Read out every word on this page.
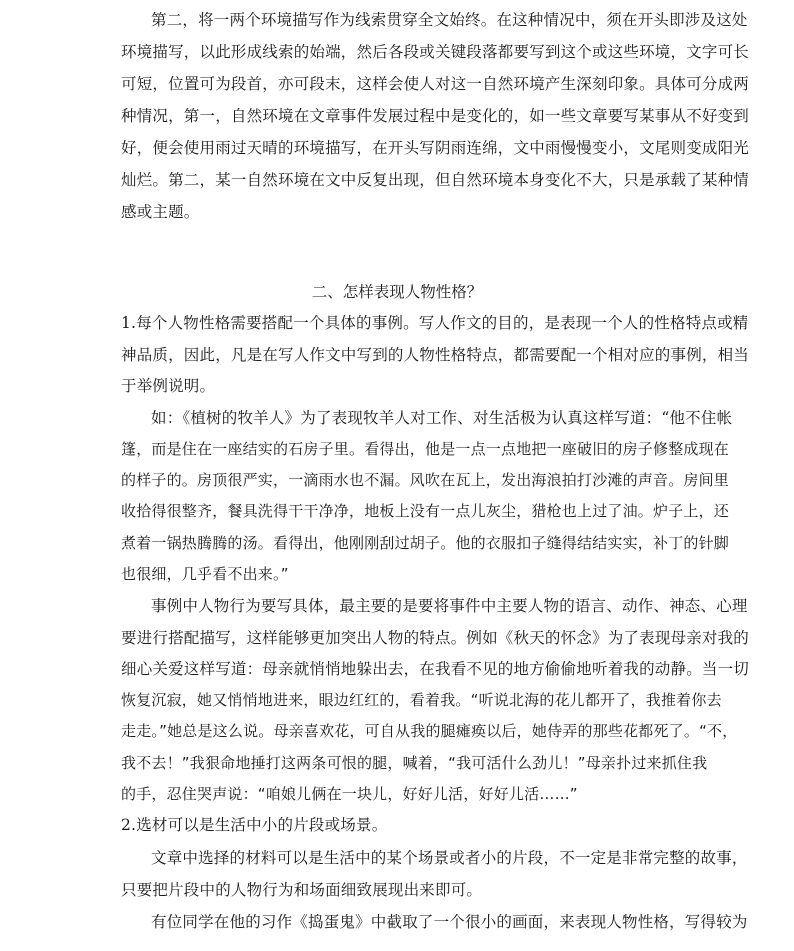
第二，将一两个环境描写作为线索贯穿全文始终。在这种情况中，须在开头即涉及这处
环境描写，以此形成线索的始端，然后各段或关键段落都要写到这个或这些环境，文字可长
可短，位置可为段首，亦可段末，这样会使人对这一自然环境产生深刻印象。具体可分成两
种情况，第一，自然环境在文章事件发展过程中是变化的，如一些文章要写某事从不好变到
好，便会使用雨过天晴的环境描写，在开头写阴雨连绵，文中雨慢慢变小，文尾则变成阳光
灿烂。第二，某一自然环境在文中反复出现，但自然环境本身变化不大，只是承载了某种情
感或主题。
二、怎样表现人物性格？
1.每个人物性格需要搭配一个具体的事例。写人作文的目的，是表现一个人的性格特点或精
神品质，因此，凡是在写人作文中写到的人物性格特点，都需要配一个相对应的事例，相当
于举例说明。
如：《植树的牧羊人》为了表现牧羊人对工作、对生活极为认真这样写道：“他不住帐
篷，而是住在一座结实的石房子里。看得出，他是一点一点地把一座破旧的房子修整成现在
的样子的。房顶很严实，一滴雨水也不漏。风吹在瓦上，发出海浪拍打沙滩的声音。房间里
收拾得很整齐，餐具洗得干干净净，地板上没有一点儿灰尘，猎枪也上过了油。炉子上，还
煮着一锅热腾腾的汤。看得出，他刚刚刮过胡子。他的衣服扣子缝得结结实实，补丁的针脚
也很细，几乎看不出来。”
事例中人物行为要写具体，最主要的是要将事件中主要人物的语言、动作、神态、心理
要进行搭配描写，这样能够更加突出人物的特点。例如《秋天的怀念》为了表现母亲对我的
细心关爱这样写道：母亲就悄悄地躲出去，在我看不见的地方偷偷地听着我的动静。当一切
恢复沉寂，她又悄悄地进来，眼边红红的，看着我。“听说北海的花儿都开了，我推着你去
走走。”她总是这么说。母亲喜欢花，可自从我的腿瘫痪以后，她侍弄的那些花都死了。“不，
我不去！”我狠命地捶打这两条可恨的腿，喊着，“我可活什么劲儿！”母亲扑过来抓住我
的手，忍住哭声说：“咱娘儿俩在一块儿，好好儿活，好好儿活……”
2.选材可以是生活中小的片段或场景。
文章中选择的材料可以是生活中的某个场景或者小的片段，不一定是非常完整的故事，
只要把片段中的人物行为和场面细致展现出来即可。
有位同学在他的习作《捣蛋鬼》中截取了一个很小的画面，来表现人物性格，写得较为
